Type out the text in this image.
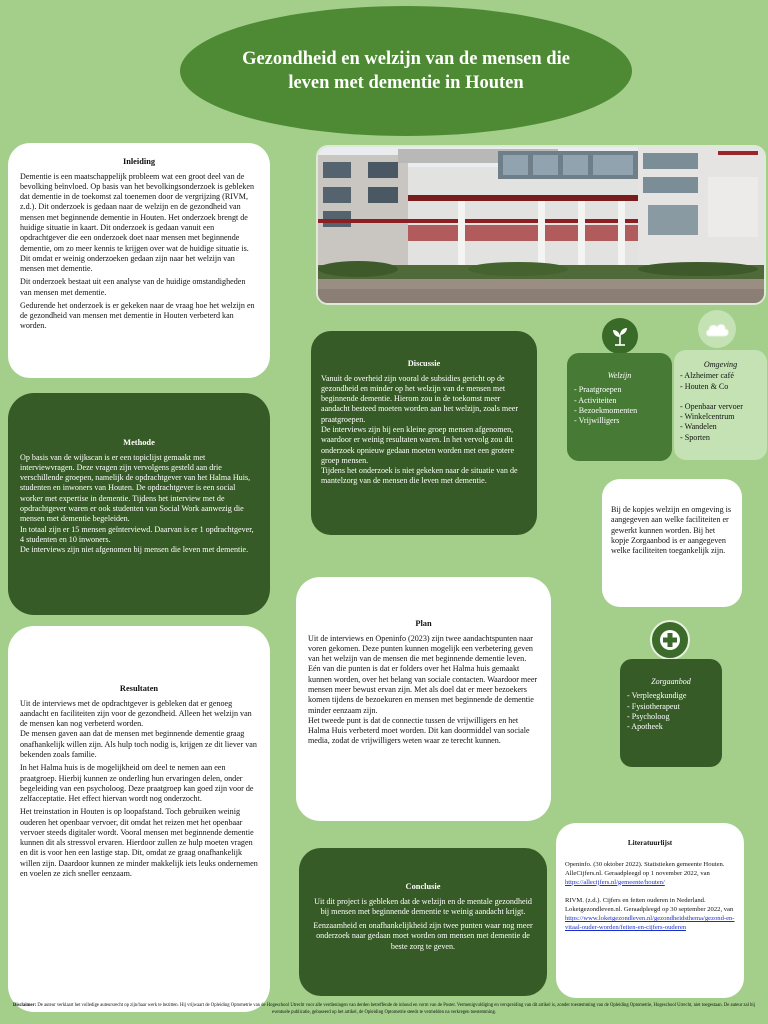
Gezondheid en welzijn van de mensen die leven met dementie in Houten
Inleiding

Dementie is een maatschappelijk probleem wat een groot deel van de bevolking beïnvloed. Op basis van het bevolkingsonderzoek is gebleken dat dementie in de toekomst zal toenemen door de vergrijzing (RIVM, z.d.). Dit onderzoek is gedaan naar de welzijn en de gezondheid van mensen met beginnende dementie in Houten. Het onderzoek brengt de huidige situatie in kaart. Dit onderzoek is gedaan vanuit een opdrachtgever die een onderzoek doet naar mensen met beginnende dementie, om zo meer kennis te krijgen over wat de huidige situatie is. Dit omdat er weinig onderzoeken gedaan zijn naar het welzijn van mensen met dementie.

Dit onderzoek bestaat uit een analyse van de huidige omstandigheden van mensen met dementie.

Gedurende het onderzoek is er gekeken naar de vraag hoe het welzijn en de gezondheid van mensen met dementie in Houten verbeterd kan worden.

Methode

Op basis van de wijkscan is er een topiclijst gemaakt met interviewvragen. Deze vragen zijn vervolgens gesteld aan drie verschillende groepen, namelijk de opdrachtgever van het Halma Huis, studenten en inwoners van Houten. De opdrachtgever is een social worker met expertise in dementie. Tijdens het interview met de opdrachtgever waren er ook studenten van Social Work aanwezig die mensen met dementie begeleiden.

In totaal zijn er 15 mensen geïnterviewd. Daarvan is er 1 opdrachtgever, 4 studenten en 10 inwoners.

De interviews zijn niet afgenomen bij mensen die leven met dementie.

Resultaten

Uit de interviews met de opdrachtgever is gebleken dat er genoeg aandacht en faciliteiten zijn voor de gezondheid. Alleen het welzijn van de mensen kan nog verbeterd worden.

De mensen gaven aan dat de mensen met beginnende dementie graag onafhankelijk willen zijn. Als hulp toch nodig is, krijgen ze dit liever van bekenden zoals familie.

In het Halma huis is de mogelijkheid om deel te nemen aan een praatgroep. Hierbij kunnen ze onderling hun ervaringen delen, onder begeleiding van een psycholoog. Deze praatgroep kan goed zijn voor de zelfacceptatie. Het effect hiervan wordt nog onderzocht.

Het treinstation in Houten is op loopafstand. Toch gebruiken weinig ouderen het openbaar vervoer, dit omdat het reizen met het openbaar vervoer steeds digitaler wordt. Vooral mensen met beginnende dementie kunnen dit als stressvol ervaren. Hierdoor zullen ze hulp moeten vragen en dit is voor hen een lastige stap. Dit, omdat ze graag onafhankelijk willen zijn. Daardoor kunnen ze minder makkelijk iets leuks ondernemen en voelen ze zich sneller eenzaam.

Discussie

Vanuit de overheid zijn vooral de subsidies gericht op de gezondheid en minder op het welzijn van de mensen met beginnende dementie. Hierom zou in de toekomst meer aandacht besteed moeten worden aan het welzijn, zoals meer praatgroepen.

De interviews zijn bij een kleine groep mensen afgenomen, waardoor er weinig resultaten waren. In het vervolg zou dit onderzoek opnieuw gedaan moeten worden met een grotere groep mensen.

Tijdens het onderzoek is niet gekeken naar de situatie van de mantelzorg van de mensen die leven met dementie.

Plan

Uit de interviews en Openinfo (2023) zijn twee aandachtspunten naar voren gekomen. Deze punten kunnen mogelijk een verbetering geven van het welzijn van de mensen die met beginnende dementie leven.

Eén van die punten is dat er folders over het Halma huis gemaakt kunnen worden, over het belang van sociale contacten. Waardoor meer mensen meer bewust ervan zijn. Met als doel dat er meer bezoekers komen tijdens de bezoekuren en mensen met beginnende de dementie minder eenzaam zijn.

Het tweede punt is dat de connectie tussen de vrijwilligers en het Halma Huis verbeterd moet worden. Dit kan doormiddel van sociale media, zodat de vrijwilligers weten waar ze terecht kunnen.

Conclusie

Uit dit project is gebleken dat de welzijn en de mentale gezondheid bij mensen met beginnende dementie te weinig aandacht krijgt.

Eenzaamheid en onafhankelijkheid zijn twee punten waar nog meer onderzoek naar gedaan moet worden om mensen met dementie de beste zorg te geven.

Welzijn
- Praatgroepen
- Activiteiten
- Bezoekmomenten
- Vrijwilligers
Omgeving
- Alzheimer café
- Houten & Co
- Openbaar vervoer
- Winkelcentrum
- Wandelen
- Sporten

Bij de kopjes welzijn en omgeving is aangegeven aan welke faciliteiten er gewerkt kunnen worden. Bij het kopje Zorgaanbod is er aangegeven welke faciliteiten toegankelijk zijn.

Zorgaanbod
- Verpleegkundige
- Fysiotherapeut
- Psycholoog
- Apotheek
Literatuurlijst

Openinfo. (30 oktober 2022). Statistieken gemeente Houten. AlleCijfers.nl. Geraadpleegd op 1 november 2022, van https://allecijfers.nl/gemeente/houten/

RIVM. (z.d.). Cijfers en feiten ouderen in Nederland. Loketgezondleven.nl. Geraadpleegd op 30 september 2022, van https://www.loketgezondleven.nl/gezondheidsthema/gezond-en-vitaal-ouder-worden/feiten-en-cijfers-ouderen

Disclaimer: De auteur verklaart het volledige auteursrecht op zijn/haar werk te bezitten. Hij vrijwaart de Opleiding Optometrie van de Hogeschool Utrecht voor alle verdieningen van derden betreffende de inhoud en vorm van de Poster. Vermenigvuldiging en verspreiding van dit artikel is, zonder toestemming van de Opleiding Optometrie, Hogeschool Utrecht, niet toegestaan. De auteur zal bij eventuele publicatie, gebaseerd op het artikel, de Opleiding Optometrie steeds te vermelden na verkregen toestemming.
